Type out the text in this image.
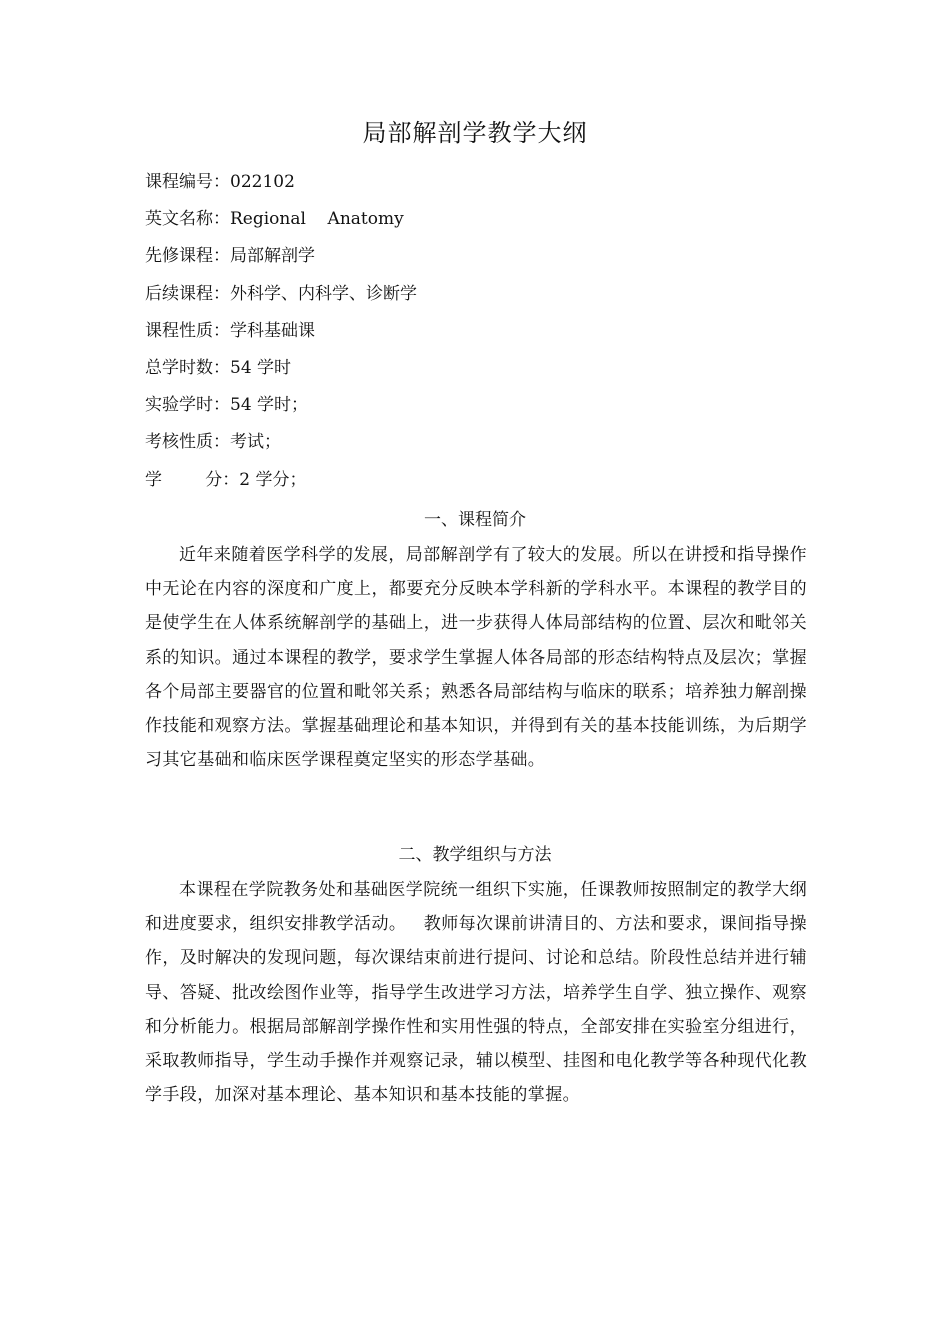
局部解剖学教学大纲
课程编号：022102
英文名称：Regional    Anatomy
先修课程：局部解剖学
后续课程：外科学、内科学、诊断学
课程性质：学科基础课
总学时数：54 学时
实验学时：54 学时；
考核性质：考试；
学        分：2 学分；
一、课程简介

近年来随着医学科学的发展，局部解剖学有了较大的发展。所以在讲授和指导操作中无论在内容的深度和广度上，都要充分反映本学科新的学科水平。本课程的教学目的是使学生在人体系统解剖学的基础上，进一步获得人体局部结构的位置、层次和毗邻关系的知识。通过本课程的教学，要求学生掌握人体各局部的形态结构特点及层次；掌握各个局部主要器官的位置和毗邻关系；熟悉各局部结构与临床的联系；培养独力解剖操作技能和观察方法。掌握基础理论和基本知识，并得到有关的基本技能训练，为后期学习其它基础和临床医学课程奠定坚实的形态学基础。

二、教学组织与方法

本课程在学院教务处和基础医学院统一组织下实施，任课教师按照制定的教学大纲和进度要求，组织安排教学活动。   教师每次课前讲清目的、方法和要求，课间指导操作，及时解决的发现问题，每次课结束前进行提问、讨论和总结。阶段性总结并进行辅导、答疑、批改绘图作业等，指导学生改进学习方法，培养学生自学、独立操作、观察和分析能力。根据局部解剖学操作性和实用性强的特点，全部安排在实验室分组进行，采取教师指导，学生动手操作并观察记录，辅以模型、挂图和电化教学等各种现代化教学手段，加深对基本理论、基本知识和基本技能的掌握。
